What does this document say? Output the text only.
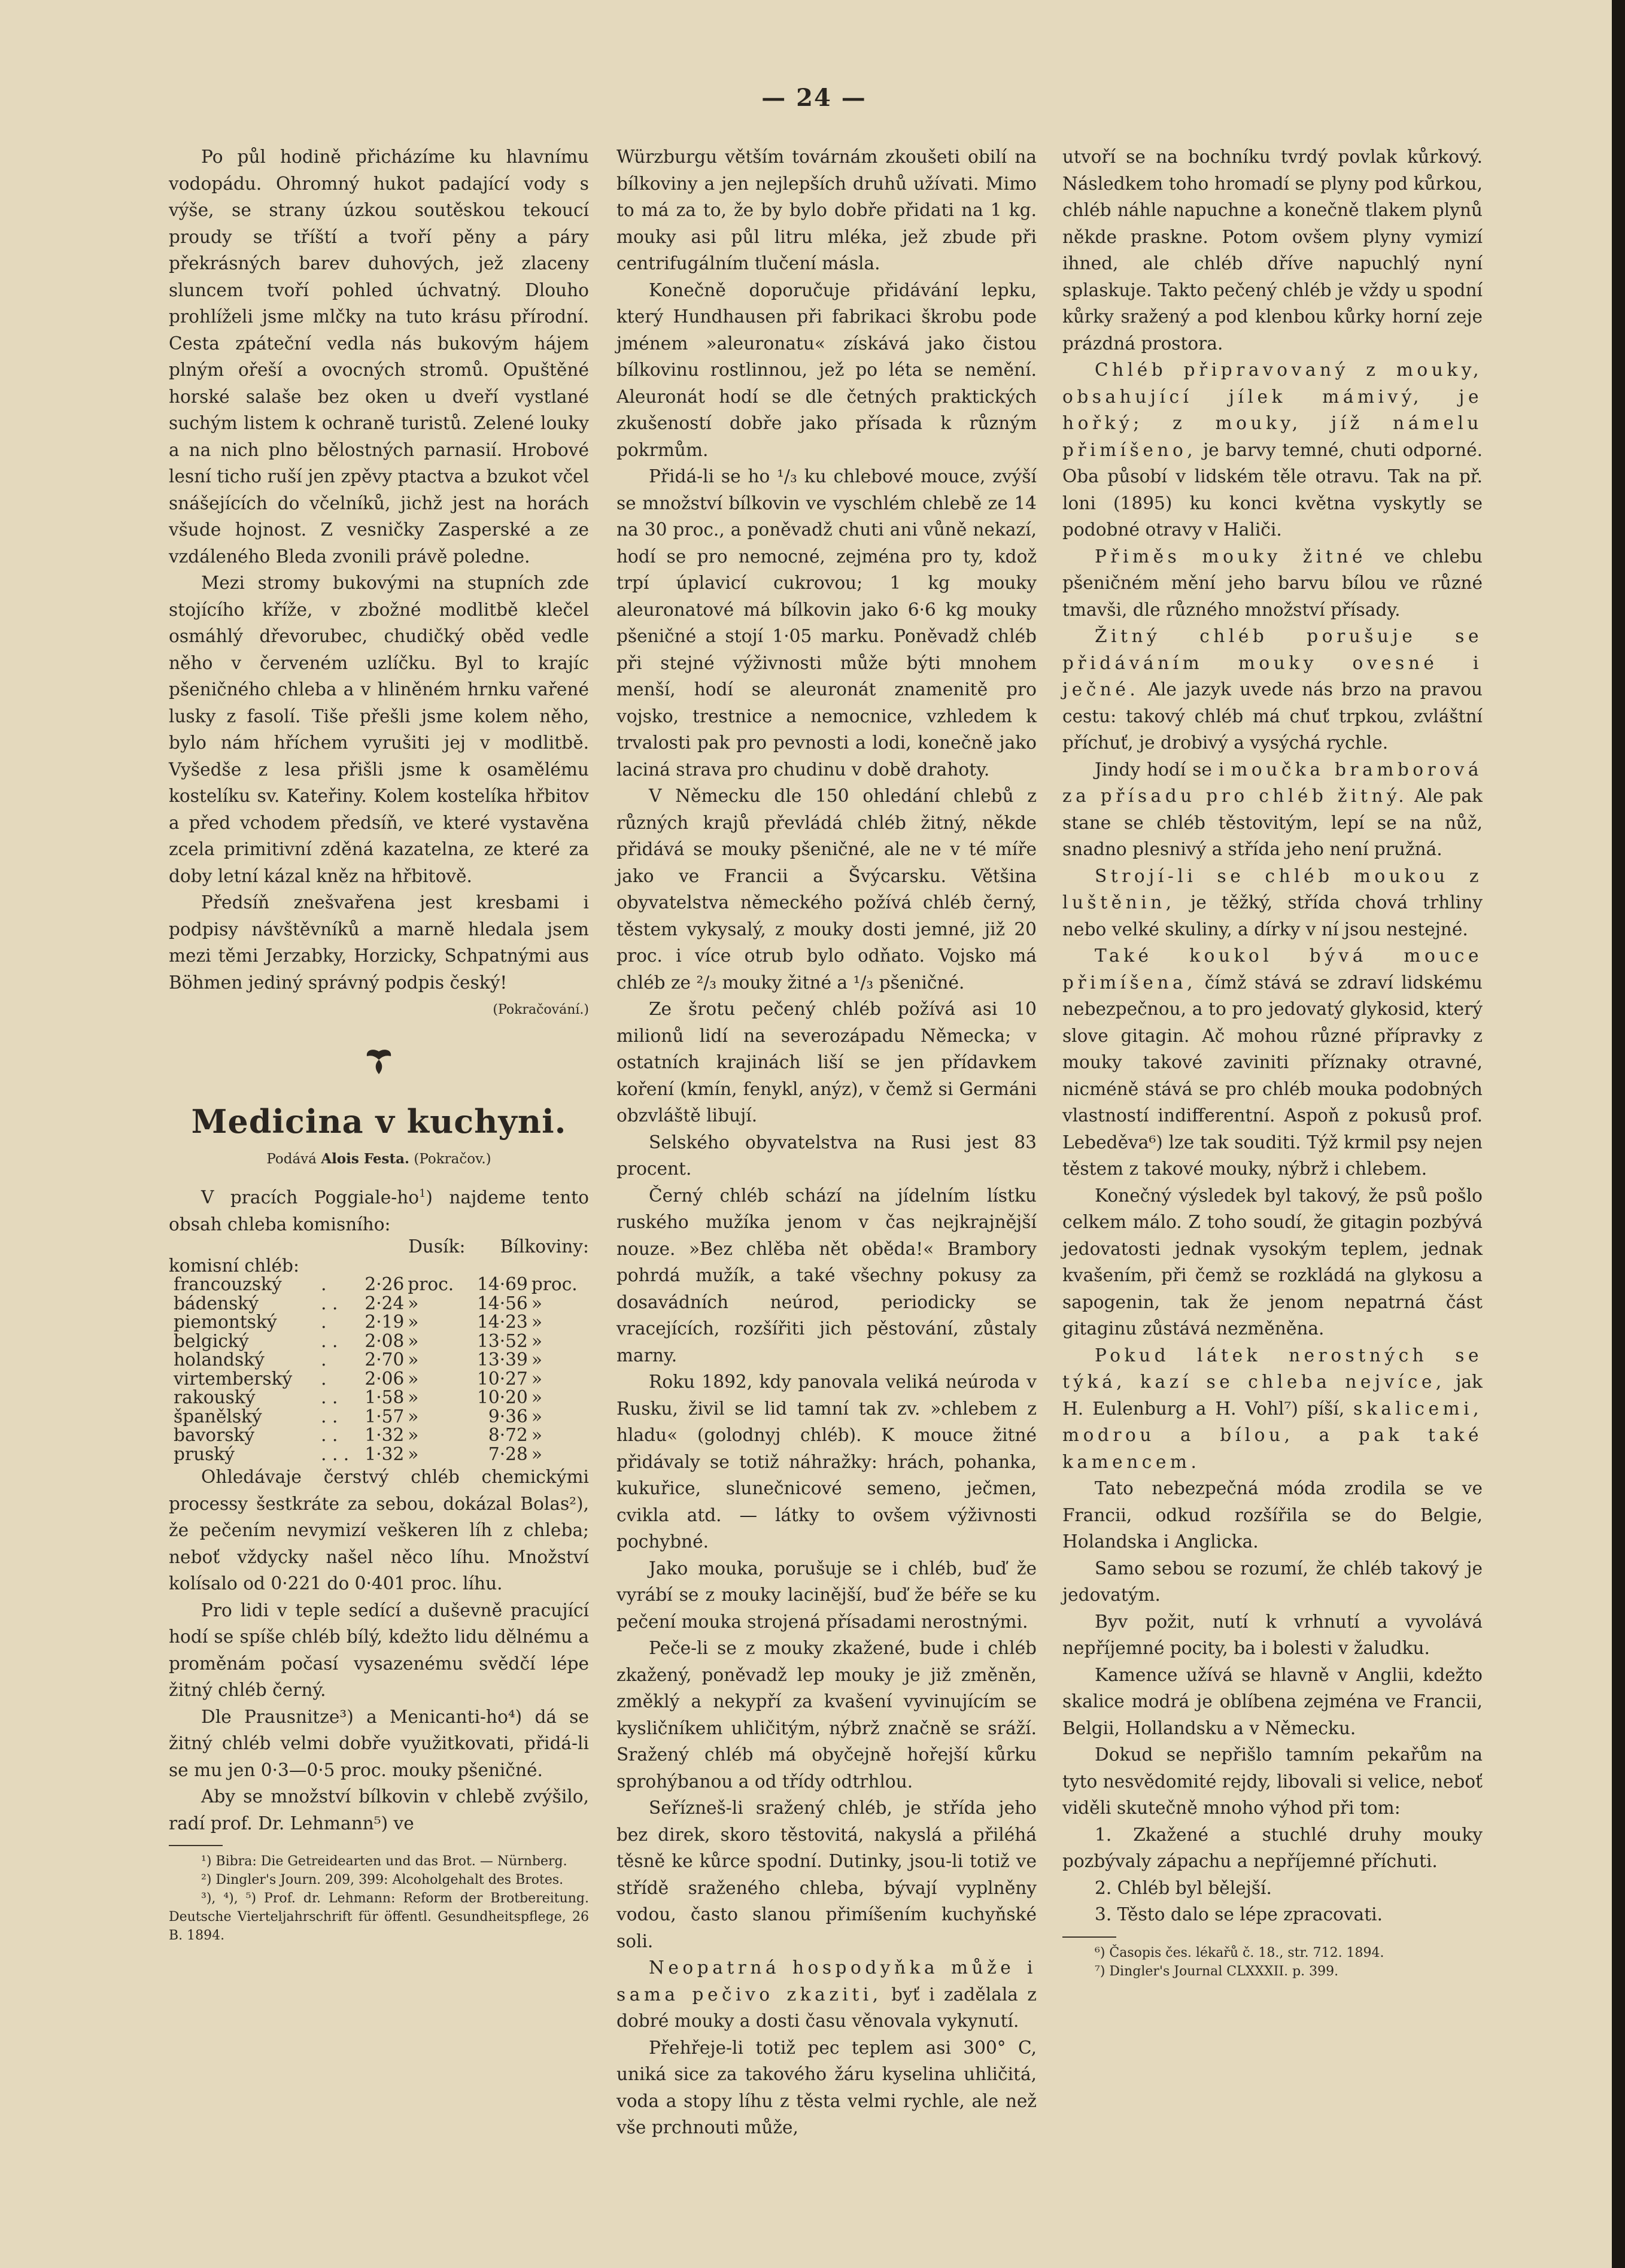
— 24 —

Po půl hodině přicházíme ku hlavnímu vodopádu. Ohromný hukot padající vody s výše, se strany úzkou soutěskou tekoucí proudy se tříští a tvoří pěny a páry překrásných barev duhových, jež zlaceny sluncem tvoří pohled úchvatný. Dlouho prohlíželi jsme mlčky na tuto krásu přírodní. Cesta zpáteční vedla nás bukovým hájem plným ořeší a ovocných stromů. Opuštěné horské salaše bez oken u dveří vystlané suchým listem k ochraně turistů. Zelené louky a na nich plno bělostných parnasií. Hrobové lesní ticho ruší jen zpěvy ptactva a bzukot včel snášejících do včelníků, jichž jest na horách všude hojnost. Z vesničky Zasperské a ze vzdáleného Bleda zvonili právě poledne.

Mezi stromy bukovými na stupních zde stojícího kříže, v zbožné modlitbě klečel osmáhlý dřevorubec, chudičký oběd vedle něho v červeném uzlíčku. Byl to krajíc pšeničného chleba a v hliněném hrnku vařené lusky z fasolí. Tiše přešli jsme kolem něho, bylo nám hříchem vyrušiti jej v modlitbě. Vyšedše z lesa přišli jsme k osamělému kostelíku sv. Kateřiny. Kolem kostelíka hřbitov a před vchodem předsíň, ve které vystavěna zcela primitivní zděná kazatelna, ze které za doby letní kázal kněz na hřbitově.

Předsíň znešvařena jest kresbami i podpisy návštěvníků a marně hledala jsem mezi těmi Jerzabky, Horzicky, Schpatnými aus Böhmen jediný správný podpis český!

(Pokračování.)
Medicina v kuchyni.
Podává Alois Festa. (Pokračov.)

V pracích Poggiale-$ho^1$) najdeme tento obsah chleba komisního:

		Dusík:		Bílkoviny:	
komisní chléb:					
francouzský	.	2·26	proc.	14·69	proc.
bádenský	. .	2·24	»	14·56	»
piemontský	.	2·19	»	14·23	»
belgický	. .	2·08	»	13·52	»
holandský	.	2·70	»	13·39	»
virtemberský	.	2·06	»	10·27	»
rakouský	. .	1·58	»	10·20	»
španělský	. .	1·57	»	9·36	»
bavorský	. .	1·32	»	8·72	»
pruský	. . .	1·32	»	7·28	»

Ohledávaje čerstvý chléb chemickými processy šestkráte za sebou, dokázal Bolas²), že pečením nevymizí veškeren líh z chleba; neboť vždycky našel něco líhu. Množství kolísalo od 0·221 do 0·401 proc. líhu.

Pro lidi v teple sedící a duševně pracující hodí se spíše chléb bílý, kdežto lidu dělnému a proměnám počasí vysazenému svědčí lépe žitný chléb černý.

Dle Prausnitze³) a Menicanti-ho⁴) dá se žitný chléb velmi dobře využitkovati, přidá-li se mu jen 0·3—0·5 proc. mouky pšeničné.

Aby se množství bílkovin v chlebě zvýšilo, radí prof. Dr. Lehmann⁵) ve

¹) Bibra: Die Getreidearten und das Brot. — Nürnberg.

²) Dingler's Journ. 209, 399: Alcoholgehalt des Brotes.

³), ⁴), ⁵) Prof. dr. Lehmann: Reform der Brotbereitung. Deutsche Vierteljahrschrift für öffentl. Gesundheitspflege, 26 B. 1894.

Würzburgu větším továrnám zkoušeti obilí na bílkoviny a jen nejlepších druhů užívati. Mimo to má za to, že by bylo dobře přidati na 1 kg. mouky asi půl litru mléka, jež zbude při centrifugálním tlučení másla.

Konečně doporučuje přidávání lepku, který Hundhausen při fabrikaci škrobu pode jménem »aleuronatu« získává jako čistou bílkovinu rostlinnou, jež po léta se nemění. Aleuronát hodí se dle četných praktických zkušeností dobře jako přísada k různým pokrmům.

Přidá-li se ho ¹/₃ ku chlebové mouce, zvýší se množství bílkovin ve vyschlém chlebě ze 14 na 30 proc., a poněvadž chuti ani vůně nekazí, hodí se pro nemocné, zejména pro ty, kdož trpí úplavicí cukrovou; 1 kg mouky aleuronatové má bílkovin jako 6·6 kg mouky pšeničné a stojí 1·05 marku. Poněvadž chléb při stejné výživnosti může býti mnohem menší, hodí se aleuronát znamenitě pro vojsko, trestnice a nemocnice, vzhledem k trvalosti pak pro pevnosti a lodi, konečně jako laciná strava pro chudinu v době drahoty.

V Německu dle 150 ohledání chlebů z různých krajů převládá chléb žitný, někde přidává se mouky pšeničné, ale ne v té míře jako ve Francii a Švýcarsku. Většina obyvatelstva německého požívá chléb černý, těstem vykysalý, z mouky dosti jemné, již 20 proc. i více otrub bylo odňato. Vojsko má chléb ze ²/₃ mouky žitné a ¹/₃ pšeničné.

Ze šrotu pečený chléb požívá asi 10 milionů lidí na severozápadu Německa; v ostatních krajinách liší se jen přídavkem koření (kmín, fenykl, anýz), v čemž si Germáni obzvláště libují.

Selského obyvatelstva na Rusi jest 83 procent.

Černý chléb schází na jídelním lístku ruského mužíka jenom v čas nejkrajnější nouze. »Bez chlěba nět oběda!« Brambory pohrdá mužík, a také všechny pokusy za dosavádních neúrod, periodicky se vracejících, rozšířiti jich pěstování, zůstaly marny.

Roku 1892, kdy panovala veliká neúroda v Rusku, živil se lid tamní tak zv. »chlebem z hladu« (golodnyj chléb). K mouce žitné přidávaly se totiž náhražky: hrách, pohanka, kukuřice, slunečnicové semeno, ječmen, cvikla atd. — látky to ovšem výživnosti pochybné.

Jako mouka, porušuje se i chléb, buď že vyrábí se z mouky lacinější, buď že béře se ku pečení mouka strojená přísadami nerostnými.

Peče-li se z mouky zkažené, bude i chléb zkažený, poněvadž lep mouky je již změněn, změklý a nekypří za kvašení vyvinujícím se kysličníkem uhličitým, nýbrž značně se sráží. Sražený chléb má obyčejně hořejší kůrku sprohýbanou a od třídy odtrhlou.

Seřízneš-li sražený chléb, je střída jeho bez direk, skoro těstovitá, nakyslá a přiléhá těsně ke kůrce spodní. Dutinky, jsou-li totiž ve střídě sraženého chleba, bývají vyplněny vodou, často slanou přimíšením kuchyňské soli.

Neopatrná hospodyňka může i sama pečivo zkaziti, byť i zadělala z dobré mouky a dosti času věnovala vykynutí.

Přehřeje-li totiž pec teplem asi 300° C, uniká sice za takového žáru kyselina uhličitá, voda a stopy líhu z těsta velmi rychle, ale než vše prchnouti může,

utvoří se na bochníku tvrdý povlak kůrkový. Následkem toho hromadí se plyny pod kůrkou, chléb náhle napuchne a konečně tlakem plynů někde praskne. Potom ovšem plyny vymizí ihned, ale chléb dříve napuchlý nyní splaskuje. Takto pečený chléb je vždy u spodní kůrky sražený a pod klenbou kůrky horní zeje prázdná prostora.

Chléb připravovaný z mouky, obsahující jílek mámivý, je hořký; z mouky, jíž námelu přimíšeno, je barvy temné, chuti odporné. Oba působí v lidském těle otravu. Tak na př. loni (1895) ku konci května vyskytly se podobné otravy v Haliči.

Přiměs mouky žitné ve chlebu pšeničném mění jeho barvu bílou ve různé tmavši, dle různého množství přísady.

Žitný chléb porušuje se přidáváním mouky ovesné i ječné. Ale jazyk uvede nás brzo na pravou cestu: takový chléb má chuť trpkou, zvláštní příchuť, je drobivý a vysýchá rychle.

Jindy hodí se i moučka bramborová za přísadu pro chléb žitný. Ale pak stane se chléb těstovitým, lepí se na nůž, snadno plesnivý a střída jeho není pružná.

Strojí-li se chléb moukou z luštěnin, je těžký, střída chová trhliny nebo velké skuliny, a dírky v ní jsou nestejné.

Také koukol bývá mouce přimíšena, čímž stává se zdraví lidskému nebezpečnou, a to pro jedovatý glykosid, který slove gitagin. Ač mohou různé přípravky z mouky takové zaviniti příznaky otravné, nicméně stává se pro chléb mouka podobných vlastností indifferentní. Aspoň z pokusů prof. Lebeděva⁶) lze tak souditi. Týž krmil psy nejen těstem z takové mouky, nýbrž i chlebem.

Konečný výsledek byl takový, že psů pošlo celkem málo. Z toho soudí, že gitagin pozbývá jedovatosti jednak vysokým teplem, jednak kvašením, při čemž se rozkládá na glykosu a sapogenin, tak že jenom nepatrná část gitaginu zůstává nezměněna.

Pokud látek nerostných se týká, kazí se chleba nejvíce, jak H. Eulenburg a H. Vohl⁷) píší, skalicemi, modrou a bílou, a pak také kamencem.

Tato nebezpečná móda zrodila se ve Francii, odkud rozšířila se do Belgie, Holandska i Anglicka.

Samo sebou se rozumí, že chléb takový je jedovatým.

Byv požit, nutí k vrhnutí a vyvolává nepříjemné pocity, ba i bolesti v žaludku.

Kamence užívá se hlavně v Anglii, kdežto skalice modrá je oblíbena zejména ve Francii, Belgii, Hollandsku a v Německu.

Dokud se nepřišlo tamním pekařům na tyto nesvědomité rejdy, libovali si velice, neboť viděli skutečně mnoho výhod při tom:

1. Zkažené a stuchlé druhy mouky pozbývaly zápachu a nepříjemné příchuti.

2. Chléb byl bělejší.

3. Těsto dalo se lépe zpracovati.

⁶) Časopis čes. lékařů č. 18., str. 712. 1894.

⁷) Dingler's Journal CLXXXII. p. 399.
